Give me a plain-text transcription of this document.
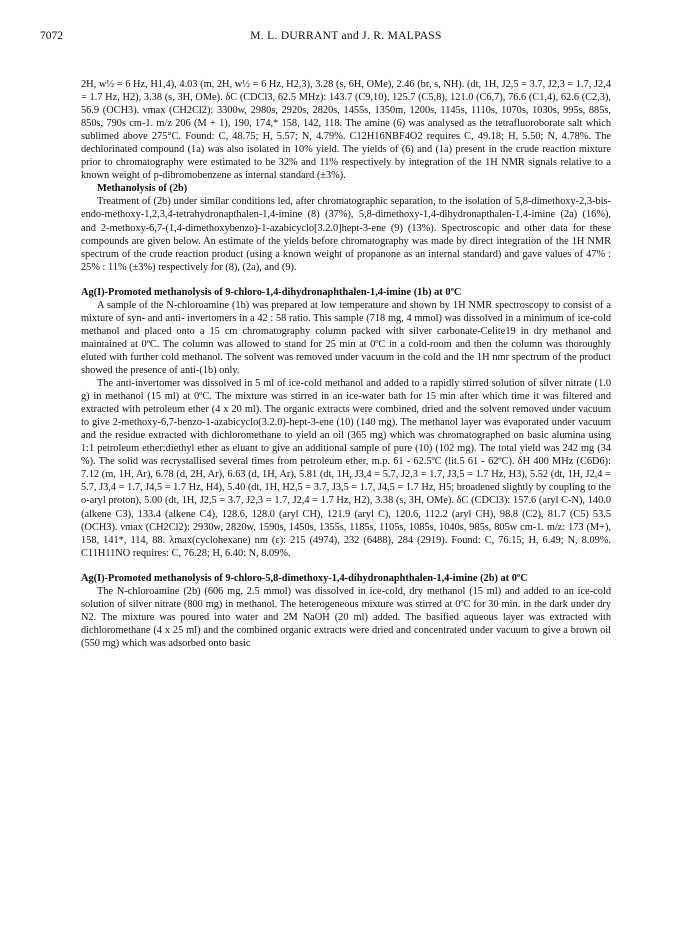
7072	M. L. DURRANT and J. R. MALPASS

2H, w½ = 6 Hz, H1,4), 4.03 (m, 2H, w½ = 6 Hz, H2,3), 3.28 (s, 6H, OMe), 2.46 (br, s, NH). (dt, 1H, J2,5 = 3.7, J2,3 = 1.7, J2,4 = 1.7 Hz, H2), 3.38 (s, 3H, OMe). δC (CDCl3, 62.5 MHz): 143.7 (C9,10), 125.7 (C5,8), 121.0 (C6,7), 76.6 (C1,4), 62.6 (C2,3), 56.9 (OCH3). νmax (CH2Cl2): 3300w, 2980s, 2920s, 2820s, 1455s, 1350m, 1200s, 1145s, 1110s, 1070s, 1030s, 995s, 885s, 850s, 790s cm-1. m/z 206 (M + 1), 190, 174,* 158, 142, 118. The amine (6) was analysed as the tetrafluoroborate salt which sublimed above 275°C. Found: C, 48.75; H, 5.57; N, 4.79%. C12H16NBF4O2 requires C, 49.18; H, 5.50; N, 4.78%. The dechlorinated compound (1a) was also isolated in 10% yield. The yields of (6) and (1a) present in the crude reaction mixture prior to chromatography were estimated to be 32% and 11% respectively by integration of the 1H NMR signals relative to a known weight of p-dibromobenzene as internal standard (±3%).

Methanolysis of (2b)

Treatment of (2b) under similar conditions led, after chromatographic separation, to the isolation of 5,8-dimethoxy-2,3-bis-endo-methoxy-1,2,3,4-tetrahydronapthalen-1,4-imine (8) (37%), 5,8-dimethoxy-1,4-dihydronapthalen-1,4-imine (2a) (16%), and 2-methoxy-6,7-(1,4-dimethoxybenzo)-1-azabicyclo[3.2.0]hept-3-ene (9) (13%). Spectroscopic and other data for these compounds are given below. An estimate of the yields before chromatography was made by direct integration of the 1H NMR spectrum of the crude reaction product (using a known weight of propanone as an internal standard) and gave values of 47% : 25% : 11% (±3%) respectively for (8), (2a), and (9).

Ag(I)-Promoted methanolysis of 9-chloro-1,4-dihydronaphthalen-1,4-imine (1b) at 0ºC

A sample of the N-chloroamine (1b) was prepared at low temperature and shown by 1H NMR spectroscopy to consist of a mixture of syn- and anti- invertomers in a 42 : 58 ratio. This sample (718 mg, 4 mmol) was dissolved in a minimum of ice-cold methanol and placed onto a 15 cm chromatography column packed with silver carbonate-Celite19 in dry methanol and maintained at 0ºC. The column was allowed to stand for 25 min at 0ºC in a cold-room and then the column was thoroughly eluted with further cold methanol. The solvent was removed under vacuum in the cold and the 1H nmr spectrum of the product showed the presence of anti-(1b) only.

The anti-invertomer was dissolved in 5 ml of ice-cold methanol and added to a rapidly stirred solution of silver nitrate (1.0 g) in methanol (15 ml) at 0ºC. The mixture was stirred in an ice-water bath for 15 min after which time it was filtered and extracted with petroleum ether (4 x 20 ml). The organic extracts were combined, dried and the solvent removed under vacuum to give 2-methoxy-6,7-benzo-1-azabicyclo(3.2.0)-hept-3-ene (10) (140 mg). The methanol layer was evaporated under vacuum and the residue extracted with dichloromethane to yield an oil (365 mg) which was chromatographed on basic alumina using 1:1 petroleum ether:diethyl ether as eluant to give an additional sample of pure (10) (102 mg). The total yield was 242 mg (34 %). The solid was recrystallised several times from petroleum ether, m.p. 61 - 62.5ºC (lit.5 61 - 62ºC). δH 400 MHz (C6D6): 7.12 (m, 1H, Ar), 6.78 (d, 2H, Ar), 6.63 (d, 1H, Ar), 5.81 (dt, 1H, J3,4 = 5.7, J2,3 = 1.7, J3,5 = 1.7 Hz, H3), 5.52 (dt, 1H, J2,4 = 5.7, J3,4 = 1.7, J4,5 = 1.7 Hz, H4), 5.40 (dt, 1H, H2,5 = 3.7, J3,5 = 1.7, J4,5 = 1.7 Hz, H5; broadened slightly by coupling to the o-aryl proton), 5.00 (dt, 1H, J2,5 = 3.7, J2,3 = 1.7, J2,4 = 1.7 Hz, H2), 3.38 (s, 3H, OMe). δC (CDCl3): 157.6 (aryl C-N), 140.0 (alkene C3), 133.4 (alkene C4), 128.6, 128.0 (aryl CH), 121.9 (aryl C), 120.6, 112.2 (aryl CH), 98.8 (C2), 81.7 (C5) 53.5 (OCH3). νmax (CH2Cl2): 2930w, 2820w, 1590s, 1450s, 1355s, 1185s, 1105s, 1085s, 1040s, 985s, 805w cm-1. m/z: 173 (M+), 158, 141*, 114, 88. λmax(cyclohexane) nm (ε): 215 (4974), 232 (6488), 284 (2919). Found: C, 76.15; H, 6.49; N, 8.09%. C11H11NO requires: C, 76.28; H, 6.40: N, 8.09%.

Ag(I)-Promoted methanolysis of 9-chloro-5,8-dimethoxy-1,4-dihydronaphthalen-1,4-imine (2b) at 0ºC

The N-chloroamine (2b) (606 mg, 2.5 mmol) was dissolved in ice-cold, dry methanol (15 ml) and added to an ice-cold solution of silver nitrate (800 mg) in methanol. The heterogeneous mixture was stirred at 0ºC for 30 min. in the dark under dry N2. The mixture was poured into water and 2M NaOH (20 ml) added. The basified aqueous layer was extracted with dichloromethane (4 x 25 ml) and the combined organic extracts were dried and concentrated under vacuum to give a brown oil (550 mg) which was adsorbed onto basic
